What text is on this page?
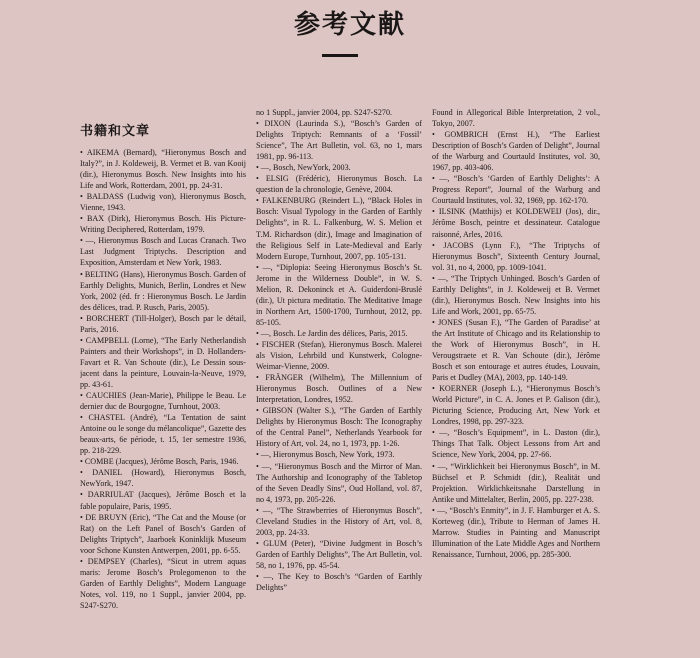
参考文献
书籍和文章

• AIKEMA (Bernard), “Hieronymus Bosch and Italy?”, in J. Koldeweij, B. Vermet et B. van Kooij (dir.), Hieronymus Bosch. New Insights into his Life and Work, Rotterdam, 2001, pp. 24-31.

• BALDASS (Ludwig von), Hieronymus Bosch, Vienne, 1943.

• BAX (Dirk), Hieronymus Bosch. His Picture-Writing Deciphered, Rotterdam, 1979.

• —, Hieronymus Bosch and Lucas Cranach. Two Last Judgment Triptychs. Description and Exposition, Amsterdam et New York, 1983.

• BELTING (Hans), Hieronymus Bosch. Garden of Earthly Delights, Munich, Berlin, Londres et New York, 2002 (éd. fr : Hieronymus Bosch. Le Jardin des délices, trad. P. Rusch, Paris, 2005).

• BORCHERT (Till-Holger), Bosch par le détail, Paris, 2016.

• CAMPBELL (Lorne), “The Early Netherlandish Painters and their Workshops”, in D. Hollanders-Favart et R. Van Schoute (dir.), Le Dessin sous-jacent dans la peinture, Louvain-la-Neuve, 1979, pp. 43-61.

• CAUCHIES (Jean-Marie), Philippe le Beau. Le dernier duc de Bourgogne, Turnhout, 2003.

• CHASTEL (André), “La Tentation de saint Antoine ou le songe du mélancolique”, Gazette des beaux-arts, 6e période, t. 15, 1er semestre 1936, pp. 218-229.

• COMBE (Jacques), Jérôme Bosch, Paris, 1946.

• DANIEL (Howard), Hieronymus Bosch, NewYork, 1947.

• DARRIULAT (Jacques), Jérôme Bosch et la fable populaire, Paris, 1995.

• DE BRUYN (Eric), “The Cat and the Mouse (or Rat) on the Left Panel of Bosch’s Garden of Delights Triptych”, Jaarboek Koninklijk Museum voor Schone Kunsten Antwerpen, 2001, pp. 6-55.

• DEMPSEY (Charles), “Sicut in utrem aquas maris: Jerome Bosch’s Prolegomenon to the Garden of Earthly Delights”, Modern Language Notes, vol. 119, no 1 Suppl., janvier 2004, pp. S247-S270.

no 1 Suppl., janvier 2004, pp. S247-S270.

• DIXON (Laurinda S.), “Bosch’s Garden of Delights Triptych: Remnants of a ‘Fossil’ Science”, The Art Bulletin, vol. 63, no 1, mars 1981, pp. 96-113.

• —, Bosch, NewYork, 2003.

• ELSIG (Frédéric), Hieronymus Bosch. La question de la chronologie, Genève, 2004.

• FALKENBURG (Reindert L.), “Black Holes in Bosch: Visual Typology in the Garden of Earthly Delights”, in R. L. Falkenburg, W. S. Melion et T.M. Richardson (dir.), Image and Imagination of the Religious Self in Late-Medieval and Early Modern Europe, Turnhout, 2007, pp. 105-131.

• —, “Diplopia: Seeing Hieronymus Bosch’s St. Jerome in the Wilderness Double”, in W. S. Melion, R. Dekoninck et A. Guiderdoni-Bruslé (dir.), Ut pictura meditatio. The Meditative Image in Northern Art, 1500-1700, Turnhout, 2012, pp. 85-105.

• —, Bosch. Le Jardin des délices, Paris, 2015.

• FISCHER (Stefan), Hieronymus Bosch. Malerei als Vision, Lehrbild und Kunstwerk, Cologne-Weimar-Vienne, 2009.

• FRÄNGER (Wilhelm), The Millennium of Hieronymus Bosch. Outlines of a New Interpretation, Londres, 1952.

• GIBSON (Walter S.), “The Garden of Earthly Delights by Hieronymus Bosch: The Iconography of the Central Panel”, Netherlands Yearbook for History of Art, vol. 24, no 1, 1973, pp. 1-26.

• —, Hieronymus Bosch, New York, 1973.

• —, “Hieronymus Bosch and the Mirror of Man. The Authorship and Iconography of the Tabletop of the Seven Deadly Sins”, Oud Holland, vol. 87, no 4, 1973, pp. 205-226.

• —, “The Strawberries of Hieronymus Bosch”, Cleveland Studies in the History of Art, vol. 8, 2003, pp. 24-33.

• GLUM (Peter), “Divine Judgment in Bosch’s Garden of Earthly Delights”, The Art Bulletin, vol. 58, no 1, 1976, pp. 45-54.

• —, The Key to Bosch’s “Garden of Earthly Delights”

Found in Allegorical Bible Interpretation, 2 vol., Tokyo, 2007.

• GOMBRICH (Ernst H.), “The Earliest Description of Bosch’s Garden of Delight”, Journal of the Warburg and Courtauld Institutes, vol. 30, 1967, pp. 403-406.

• —, “Bosch’s ‘Garden of Earthly Delights’: A Progress Report”, Journal of the Warburg and Courtauld Institutes, vol. 32, 1969, pp. 162-170.

• ILSINK (Matthijs) et KOLDEWEIJ (Jos), dir., Jérôme Bosch, peintre et dessinateur. Catalogue raisonné, Arles, 2016.

• JACOBS (Lynn F.), “The Triptychs of Hieronymus Bosch”, Sixteenth Century Journal, vol. 31, no 4, 2000, pp. 1009-1041.

• —, “The Triptych Unhinged. Bosch’s Garden of Earthly Delights”, in J. Koldeweij et B. Vermet (dir.), Hieronymus Bosch. New Insights into his Life and Work, 2001, pp. 65-75.

• JONES (Susan F.), “The Garden of Paradise’ at the Art Institute of Chicago and its Relationship to the Work of Hieronymus Bosch”, in H. Verougstraete et R. Van Schoute (dir.), Jérôme Bosch et son entourage et autres études, Louvain, Paris et Dudley (MA), 2003, pp. 140-149.

• KOERNER (Joseph L.), “Hieronymus Bosch’s World Picture”, in C. A. Jones et P. Galison (dir.), Picturing Science, Producing Art, New York et Londres, 1998, pp. 297-323.

• —, “Bosch’s Equipment”, in L. Daston (dir.), Things That Talk. Object Lessons from Art and Science, New York, 2004, pp. 27-66.

• —, “Wirklichkeit bei Hieronymus Bosch”, in M. Büchsel et P. Schmidt (dir.), Realität und Projektion. Wirklichkeitsnahe Darstellung in Antike und Mittelalter, Berlin, 2005, pp. 227-238.

• —, “Bosch’s Enmity”, in J. F. Hamburger et A. S. Korteweg (dir.), Tribute to Herman of James H. Marrow. Studies in Painting and Manuscript Illumination of the Late Middle Ages and Northern Renaissance, Turnhout, 2006, pp. 285-300.
